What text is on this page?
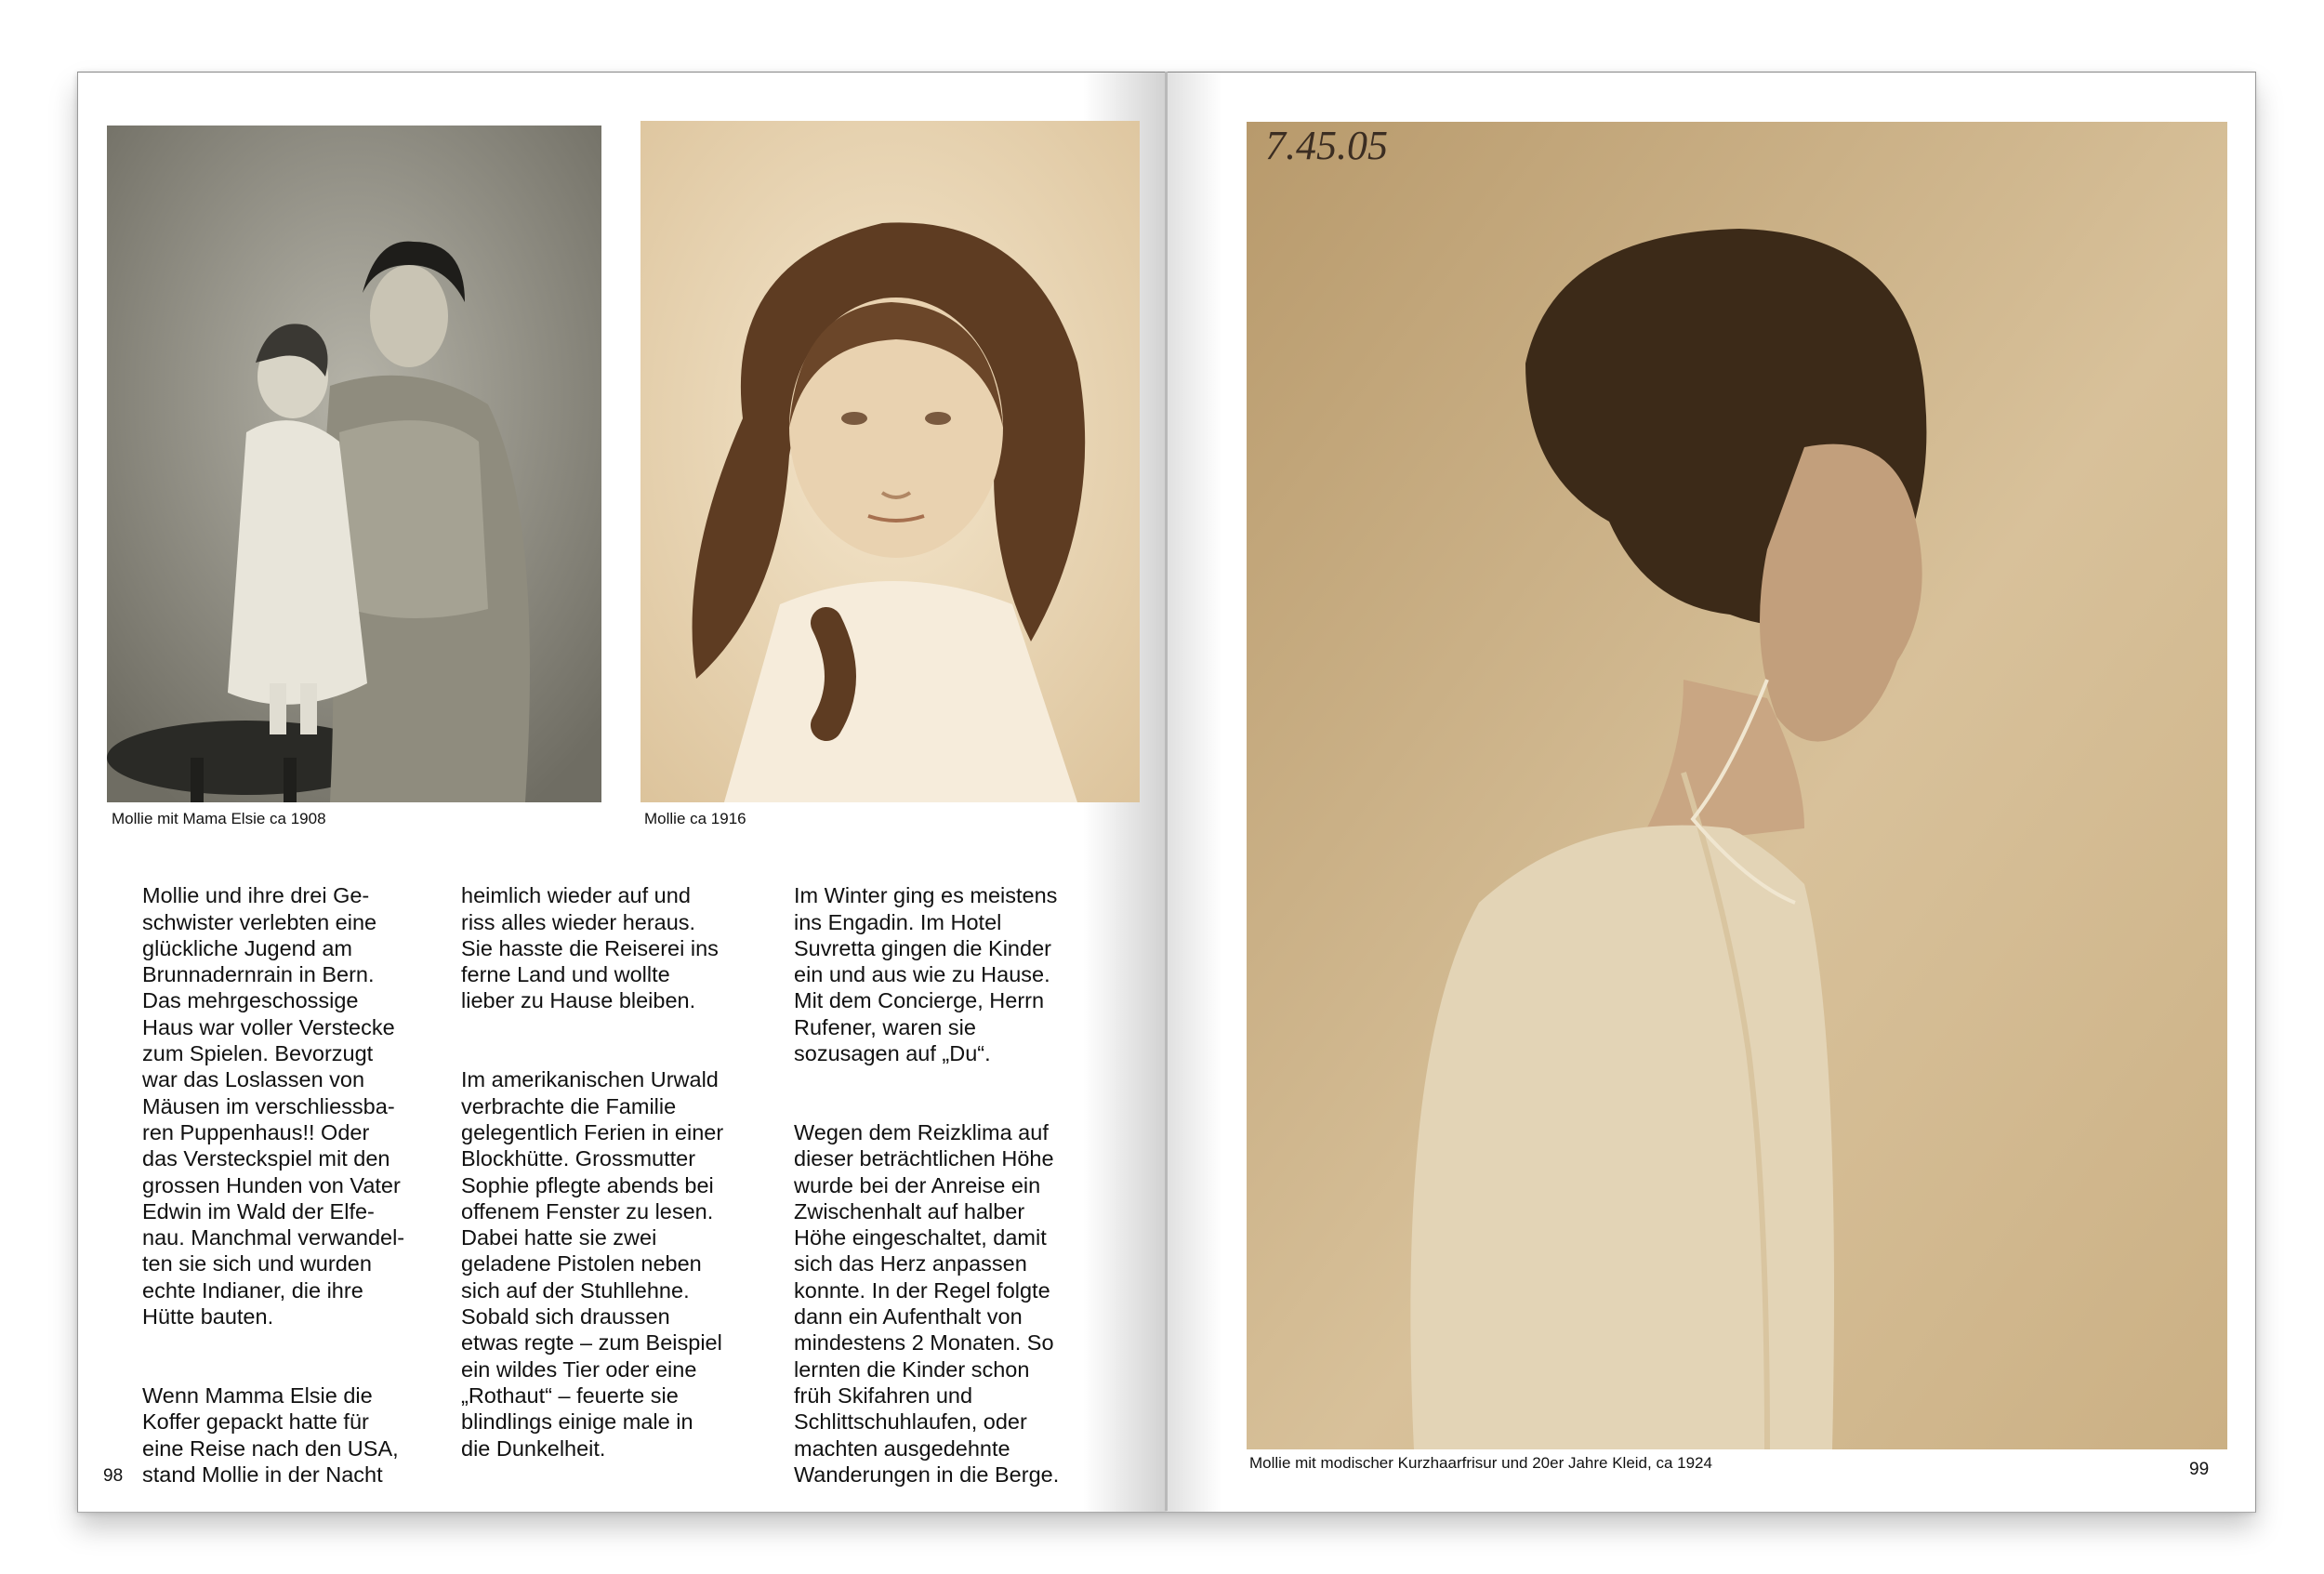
Mollie mit Mama Elsie ca 1908	Mollie ca 1916

Mollie und ihre drei Ge-
schwister verlebten eine
glückliche Jugend am
Brunnadernrain in Bern.
Das mehrgeschossige
Haus war voller Verstecke
zum Spielen. Bevorzugt
war das Loslassen von
Mäusen im verschliessba-
ren Puppenhaus!! Oder
das Versteckspiel mit den
grossen Hunden von Vater
Edwin im Wald der Elfe-
nau. Manchmal verwandel-
ten sie sich und wurden
echte Indianer, die ihre
Hütte bauten.

Wenn Mamma Elsie die
Koffer gepackt hatte für
eine Reise nach den USA,
stand Mollie in der Nacht

heimlich wieder auf und
riss alles wieder heraus.
Sie hasste die Reiserei ins
ferne Land und wollte
lieber zu Hause bleiben.

Im amerikanischen Urwald
verbrachte die Familie
gelegentlich Ferien in einer
Blockhütte. Grossmutter
Sophie pflegte abends bei
offenem Fenster zu lesen.
Dabei hatte sie zwei
geladene Pistolen neben
sich auf der Stuhllehne.
Sobald sich draussen
etwas regte – zum Beispiel
ein wildes Tier oder eine
„Rothaut“ – feuerte sie
blindlings einige male in
die Dunkelheit.

Im Winter ging es meistens
ins Engadin. Im Hotel
Suvretta gingen die Kinder
ein und aus wie zu Hause.
Mit dem Concierge, Herrn
Rufener, waren sie
sozusagen auf „Du“.

Wegen dem Reizklima auf
dieser beträchtlichen Höhe
wurde bei der Anreise ein
Zwischenhalt auf halber
Höhe eingeschaltet, damit
sich das Herz anpassen
konnte. In der Regel folgte
dann ein Aufenthalt von
mindestens 2 Monaten. So
lernten die Kinder schon
früh Skifahren und
Schlittschuhlaufen, oder
machten ausgedehnte
Wanderungen in die Berge.

98
7.45.05
Mollie mit modischer Kurzhaarfrisur und 20er Jahre Kleid, ca 1924	99
